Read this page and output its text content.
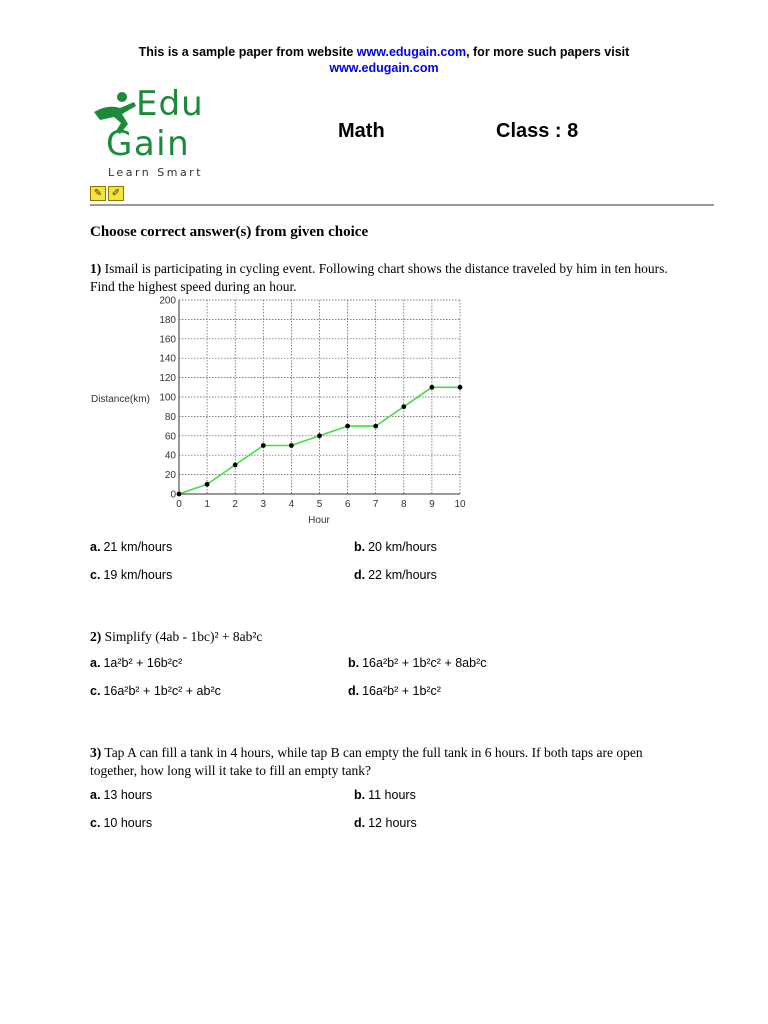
This is a sample paper from website www.edugain.com, for more such papers visit
www.edugain.com
Edu
Gain
Learn Smart
Math	Class : 8
✎ ✐
Choose correct answer(s) from given choice
1) Ismail is participating in cycling event. Following chart shows the distance traveled by him in ten hours. Find the highest speed during an hour.
0
20
40
60
80
100
120
140
160
180
200
0 1 2 3 4 5 6 7 8 9 10
Distance(km)
Hour
a. 21 km/hours	b. 20 km/hours
c. 19 km/hours	d. 22 km/hours
2) Simplify (4ab - 1bc)² + 8ab²c
a. 1a²b² + 16b²c²	b. 16a²b² + 1b²c² + 8ab²c
c. 16a²b² + 1b²c² + ab²c	d. 16a²b² + 1b²c²
3) Tap A can fill a tank in 4 hours, while tap B can empty the full tank in 6 hours. If both taps are open together, how long will it take to fill an empty tank?
a. 13 hours	b. 11 hours
c. 10 hours	d. 12 hours
